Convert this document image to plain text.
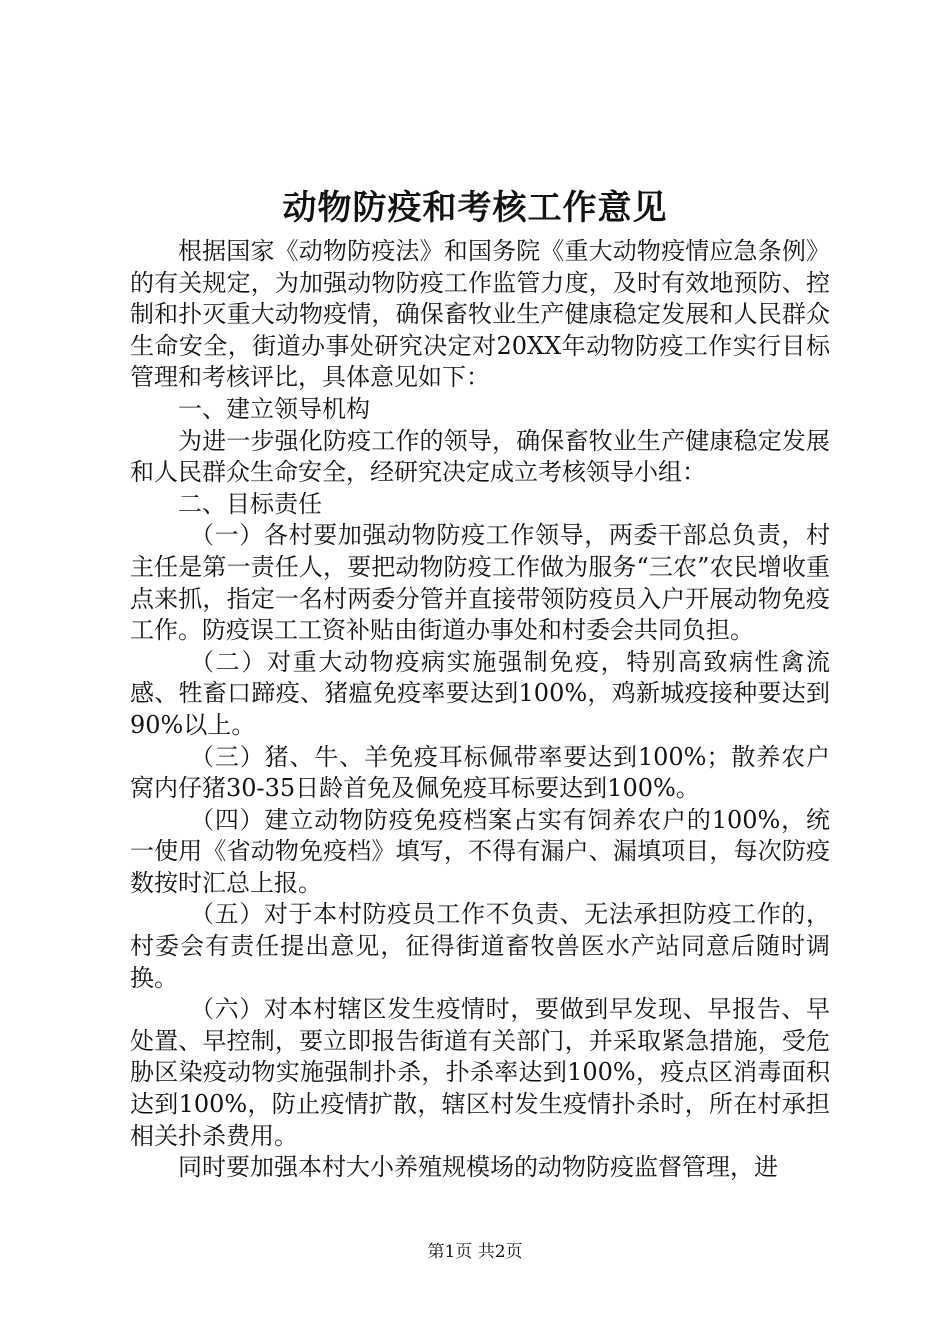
动物防疫和考核工作意见

根据国家《动物防疫法》和国务院《重大动物疫情应急条例》的有关规定，为加强动物防疫工作监管力度，及时有效地预防、控制和扑灭重大动物疫情，确保畜牧业生产健康稳定发展和人民群众生命安全，街道办事处研究决定对20XX年动物防疫工作实行目标管理和考核评比，具体意见如下：

一、建立领导机构

为进一步强化防疫工作的领导，确保畜牧业生产健康稳定发展和人民群众生命安全，经研究决定成立考核领导小组：

二、目标责任

（一）各村要加强动物防疫工作领导，两委干部总负责，村主任是第一责任人，要把动物防疫工作做为服务“三农”农民增收重点来抓，指定一名村两委分管并直接带领防疫员入户开展动物免疫工作。防疫误工工资补贴由街道办事处和村委会共同负担。

（二）对重大动物疫病实施强制免疫，特别高致病性禽流感、牲畜口蹄疫、猪瘟免疫率要达到100%，鸡新城疫接种要达到90%以上。

（三）猪、牛、羊免疫耳标佩带率要达到100%；散养农户窝内仔猪30-35日龄首免及佩免疫耳标要达到100%。

（四）建立动物防疫免疫档案占实有饲养农户的100%，统一使用《省动物免疫档》填写，不得有漏户、漏填项目，每次防疫数按时汇总上报。

（五）对于本村防疫员工作不负责、无法承担防疫工作的，村委会有责任提出意见，征得街道畜牧兽医水产站同意后随时调换。

（六）对本村辖区发生疫情时，要做到早发现、早报告、早处置、早控制，要立即报告街道有关部门，并采取紧急措施，受危胁区染疫动物实施强制扑杀，扑杀率达到100%，疫点区消毒面积达到100%，防止疫情扩散，辖区村发生疫情扑杀时，所在村承担相关扑杀费用。

同时要加强本村大小养殖规模场的动物防疫监督管理，进

第1页 共2页
